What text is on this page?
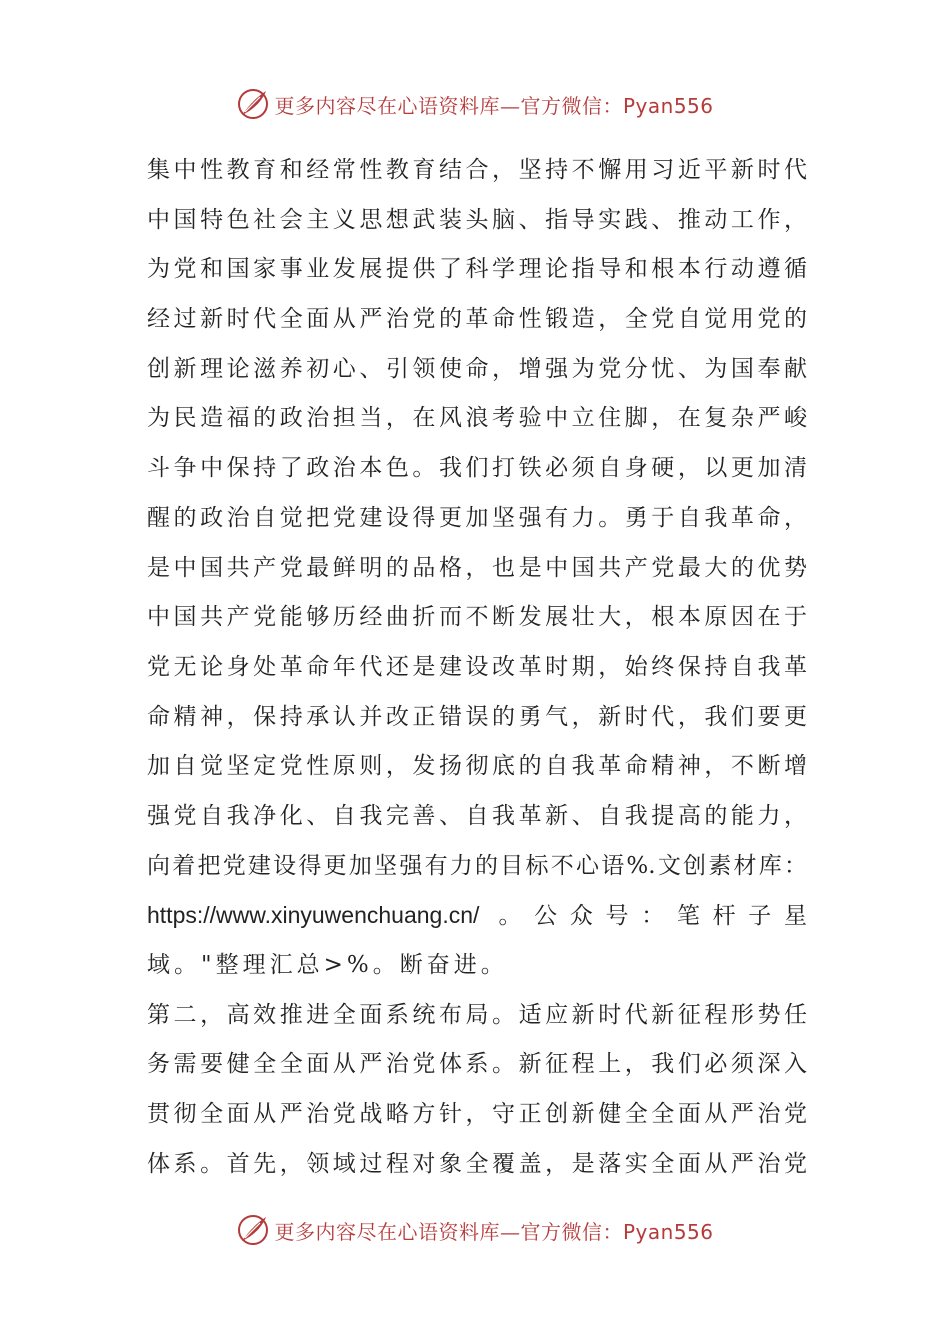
更多内容尽在心语资料库—官方微信：Pyan556
集中性教育和经常性教育结合，坚持不懈用习近平新时代
中国特色社会主义思想武装头脑、指导实践、推动工作，
为党和国家事业发展提供了科学理论指导和根本行动遵循
经过新时代全面从严治党的革命性锻造，全党自觉用党的
创新理论滋养初心、引领使命，增强为党分忧、为国奉献
为民造福的政治担当，在风浪考验中立住脚，在复杂严峻
斗争中保持了政治本色。我们打铁必须自身硬，以更加清
醒的政治自觉把党建设得更加坚强有力。勇于自我革命，
是中国共产党最鲜明的品格，也是中国共产党最大的优势
中国共产党能够历经曲折而不断发展壮大，根本原因在于
党无论身处革命年代还是建设改革时期，始终保持自我革
命精神，保持承认并改正错误的勇气，新时代，我们要更
加自觉坚定党性原则，发扬彻底的自我革命精神，不断增
强党自我净化、自我完善、自我革新、自我提高的能力，
向着把党建设得更加坚强有力的目标不心语%.文创素材库：
https://www.xinyuwenchuang.cn/ 。公众号：笔杆子星
域。"整理汇总>%。断奋进。
第二，高效推进全面系统布局。适应新时代新征程形势任
务需要健全全面从严治党体系。新征程上，我们必须深入
贯彻全面从严治党战略方针，守正创新健全全面从严治党
体系。首先，领域过程对象全覆盖，是落实全面从严治党
更多内容尽在心语资料库—官方微信：Pyan556
